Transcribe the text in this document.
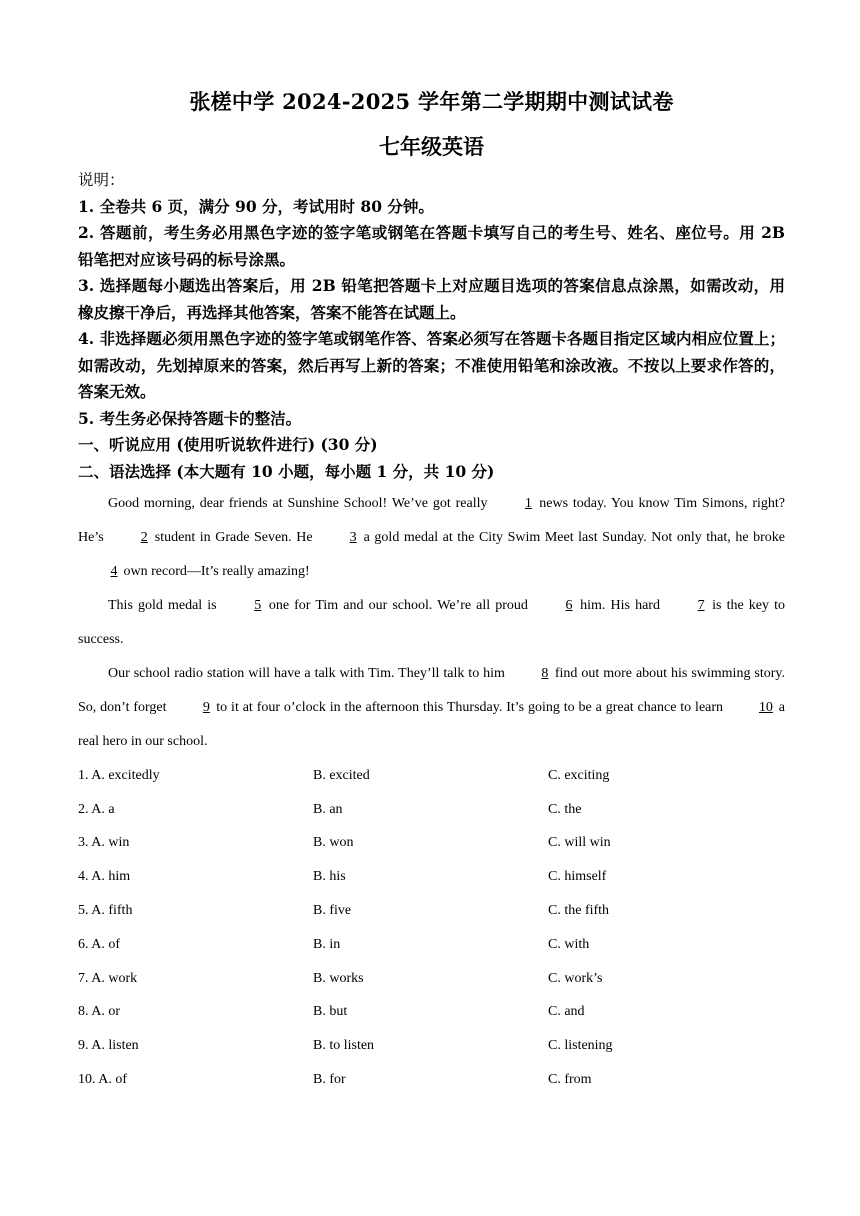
张槎中学 2024-2025 学年第二学期期中测试试卷
七年级英语

说明：

1. 全卷共 6 页，满分 90 分，考试用时 80 分钟。

2. 答题前，考生务必用黑色字迹的签字笔或钢笔在答题卡填写自己的考生号、姓名、座位号。用 2B 铅笔把对应该号码的标号涂黑。

3. 选择题每小题选出答案后，用 2B 铅笔把答题卡上对应题目选项的答案信息点涂黑，如需改动，用橡皮擦干净后，再选择其他答案，答案不能答在试题上。

4. 非选择题必须用黑色字迹的签字笔或钢笔作答、答案必须写在答题卡各题目指定区域内相应位置上；如需改动，先划掉原来的答案，然后再写上新的答案；不准使用铅笔和涂改液。不按以上要求作答的，答案无效。

5. 考生务必保持答题卡的整洁。

一、听说应用 (使用听说软件进行) (30 分)

二、语法选择 (本大题有 10 小题，每小题 1 分，共 10 分)

Good morning, dear friends at Sunshine School! We’ve got really 1 news today. You know Tim Simons, right? He’s 2 student in Grade Seven. He 3 a gold medal at the City Swim Meet last Sunday. Not only that, he broke 4 own record—It’s really amazing!

This gold medal is 5 one for Tim and our school. We’re all proud 6 him. His hard 7 is the key to success.

Our school radio station will have a talk with Tim. They’ll talk to him 8 find out more about his swimming story. So, don’t forget 9 to it at four o’clock in the afternoon this Thursday. It’s going to be a great chance to learn 10 a real hero in our school.

1. A. excitedly	B. excited	C. exciting
2. A. a	B. an	C. the
3. A. win	B. won	C. will win
4. A. him	B. his	C. himself
5. A. fifth	B. five	C. the fifth
6. A. of	B. in	C. with
7. A. work	B. works	C. work’s
8. A. or	B. but	C. and
9. A. listen	B. to listen	C. listening
10. A. of	B. for	C. from
